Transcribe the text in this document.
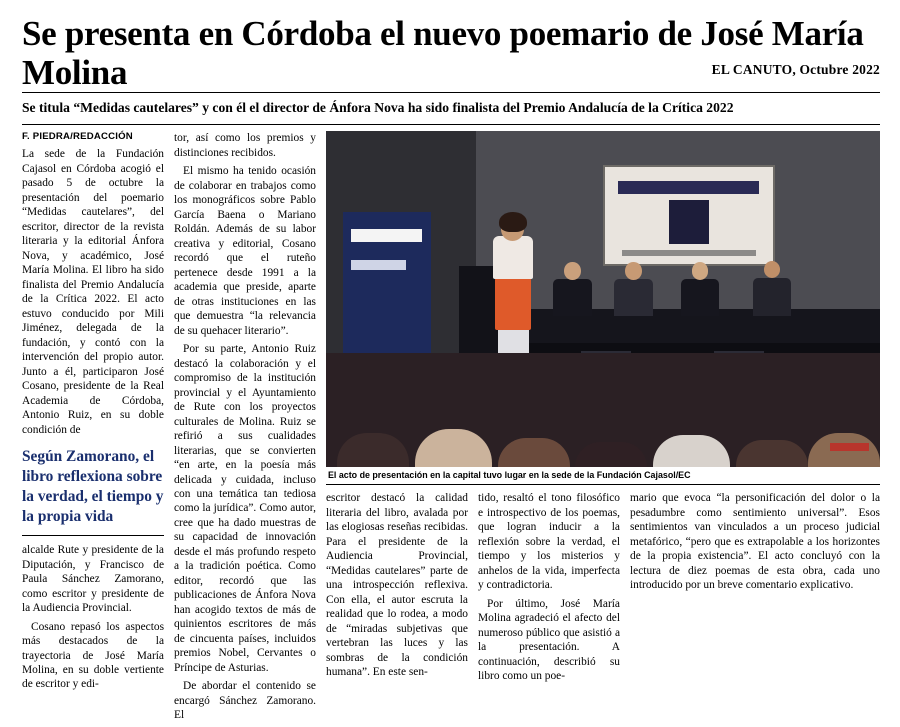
Se presenta en Córdoba el nuevo poemario de José María Molina	EL CANUTO, Octubre 2022
Se titula “Medidas cautelares” y con él el director de Ánfora Nova ha sido finalista del Premio Andalucía de la Crítica 2022
F. PIEDRA/REDACCIÓN

La sede de la Fundación Cajasol en Córdoba acogió el pasado 5 de octubre la presentación del poemario “Medidas cautelares”, del escritor, director de la revista literaria y la editorial Ánfora Nova, y académico, José María Molina. El libro ha sido finalista del Premio Andalucía de la Crítica 2022. El acto estuvo conducido por Mili Jiménez, delegada de la fundación, y contó con la intervención del propio autor. Junto a él, participaron José Cosano, presidente de la Real Academia de Córdoba, Antonio Ruiz, en su doble condición de

Según Zamorano, el libro reflexiona sobre la verdad, el tiempo y la propia vida

alcalde Rute y presidente de la Diputación, y Francisco de Paula Sánchez Zamorano, como escritor y presidente de la Audiencia Provincial.

Cosano repasó los aspectos más destacados de la trayectoria de José María Molina, en su doble vertiente de escritor y edi-

tor, así como los premios y distinciones recibidos.

El mismo ha tenido ocasión de colaborar en trabajos como los monográficos sobre Pablo García Baena o Mariano Roldán. Además de su labor creativa y editorial, Cosano recordó que el ruteño pertenece desde 1991 a la academia que preside, aparte de otras instituciones en las que demuestra “la relevancia de su quehacer literario”.

Por su parte, Antonio Ruiz destacó la colaboración y el compromiso de la institución provincial y el Ayuntamiento de Rute con los proyectos culturales de Molina. Ruiz se refirió a sus cualidades literarias, que se convierten “en arte, en la poesía más delicada y cuidada, incluso con una temática tan tediosa como la jurídica”. Como autor, cree que ha dado muestras de su capacidad de innovación desde el más profundo respeto a la tradición poética. Como editor, recordó que las publicaciones de Ánfora Nova han acogido textos de más de quinientos escritores de más de cincuenta países, incluidos premios Nobel, Cervantes o Príncipe de Asturias.

De abordar el contenido se encargó Sánchez Zamorano. El

El acto de presentación en la capital tuvo lugar en la sede de la Fundación Cajasol/EC

escritor destacó la calidad literaria del libro, avalada por las elogiosas reseñas recibidas. Para el presidente de la Audiencia Provincial, “Medidas cautelares” parte de una introspección reflexiva. Con ella, el autor escruta la realidad que lo rodea, a modo de “miradas subjetivas que vertebran las luces y las sombras de la condición humana”. En este sen-

tido, resaltó el tono filosófico e introspectivo de los poemas, que logran inducir a la reflexión sobre la verdad, el tiempo y los misterios y anhelos de la vida, imperfecta y contradictoria.

Por último, José María Molina agradeció el afecto del numeroso público que asistió a la presentación. A continuación, describió su libro como un poe-

mario que evoca “la personificación del dolor o la pesadumbre como sentimiento universal”. Esos sentimientos van vinculados a un proceso judicial metafórico, “pero que es extrapolable a los horizontes de la propia existencia”. El acto concluyó con la lectura de diez poemas de esta obra, cada uno introducido por un breve comentario explicativo.
